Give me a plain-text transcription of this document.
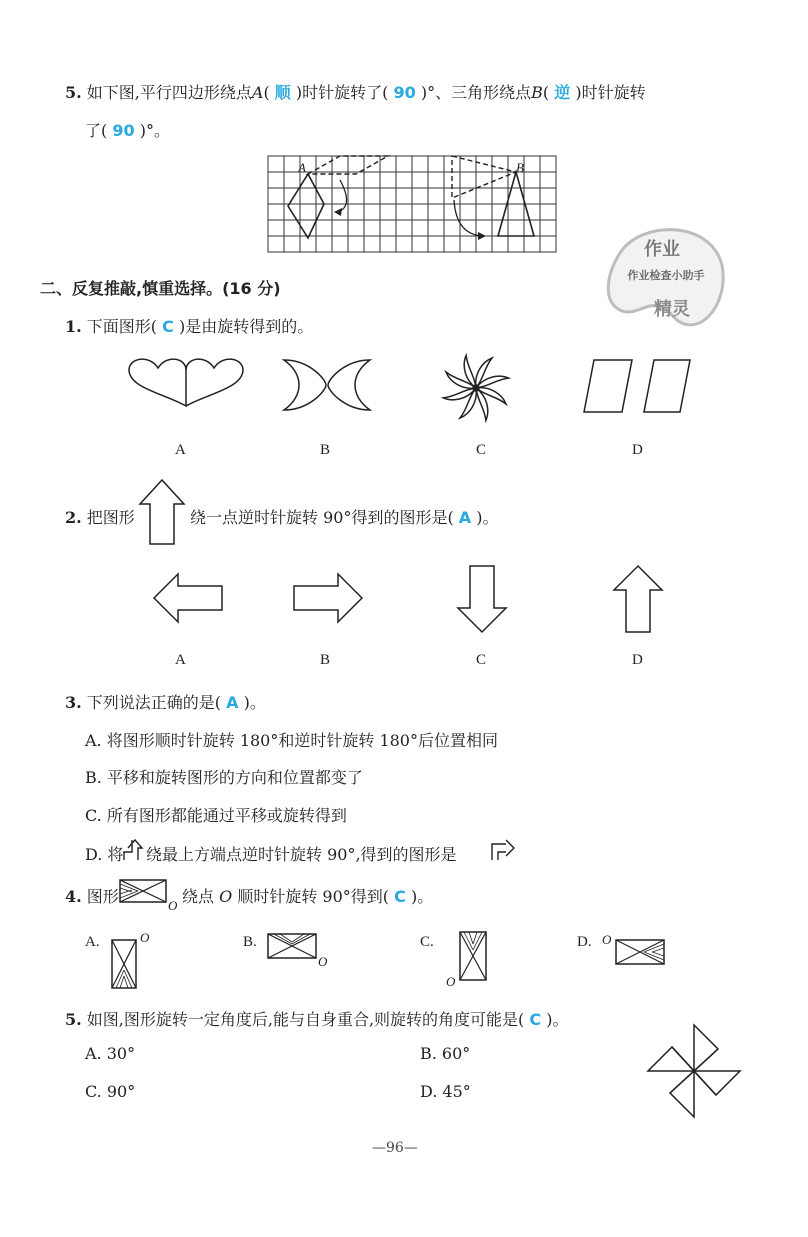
5. 如下图,平行四边形绕点A( 顺 )时针旋转了( 90 )°、三角形绕点B( 逆 )时针旋转
了( 90 )°。
A	B
作业
作业检查小助手
精灵
二、反复推敲,慎重选择。(16 分)
1. 下面图形( C )是由旋转得到的。
A	B	C	D
2. 把图形	绕一点逆时针旋转 90°得到的图形是( A )。
A	B	C	D
3. 下列说法正确的是( A )。
A. 将图形顺时针旋转 180°和逆时针旋转 180°后位置相同
B. 平移和旋转图形的方向和位置都变了
C. 所有图形都能通过平移或旋转得到
D. 将 绕最上方端点逆时针旋转 90°,得到的图形是
4. 图形	O 绕点 O 顺时针旋转 90°得到( C )。
A.	O	B.
O
C.
O
D. O
5. 如图,图形旋转一定角度后,能与自身重合,则旋转的角度可能是( C )。
A. 30°	B. 60°
C. 90°	D. 45°
—96—
